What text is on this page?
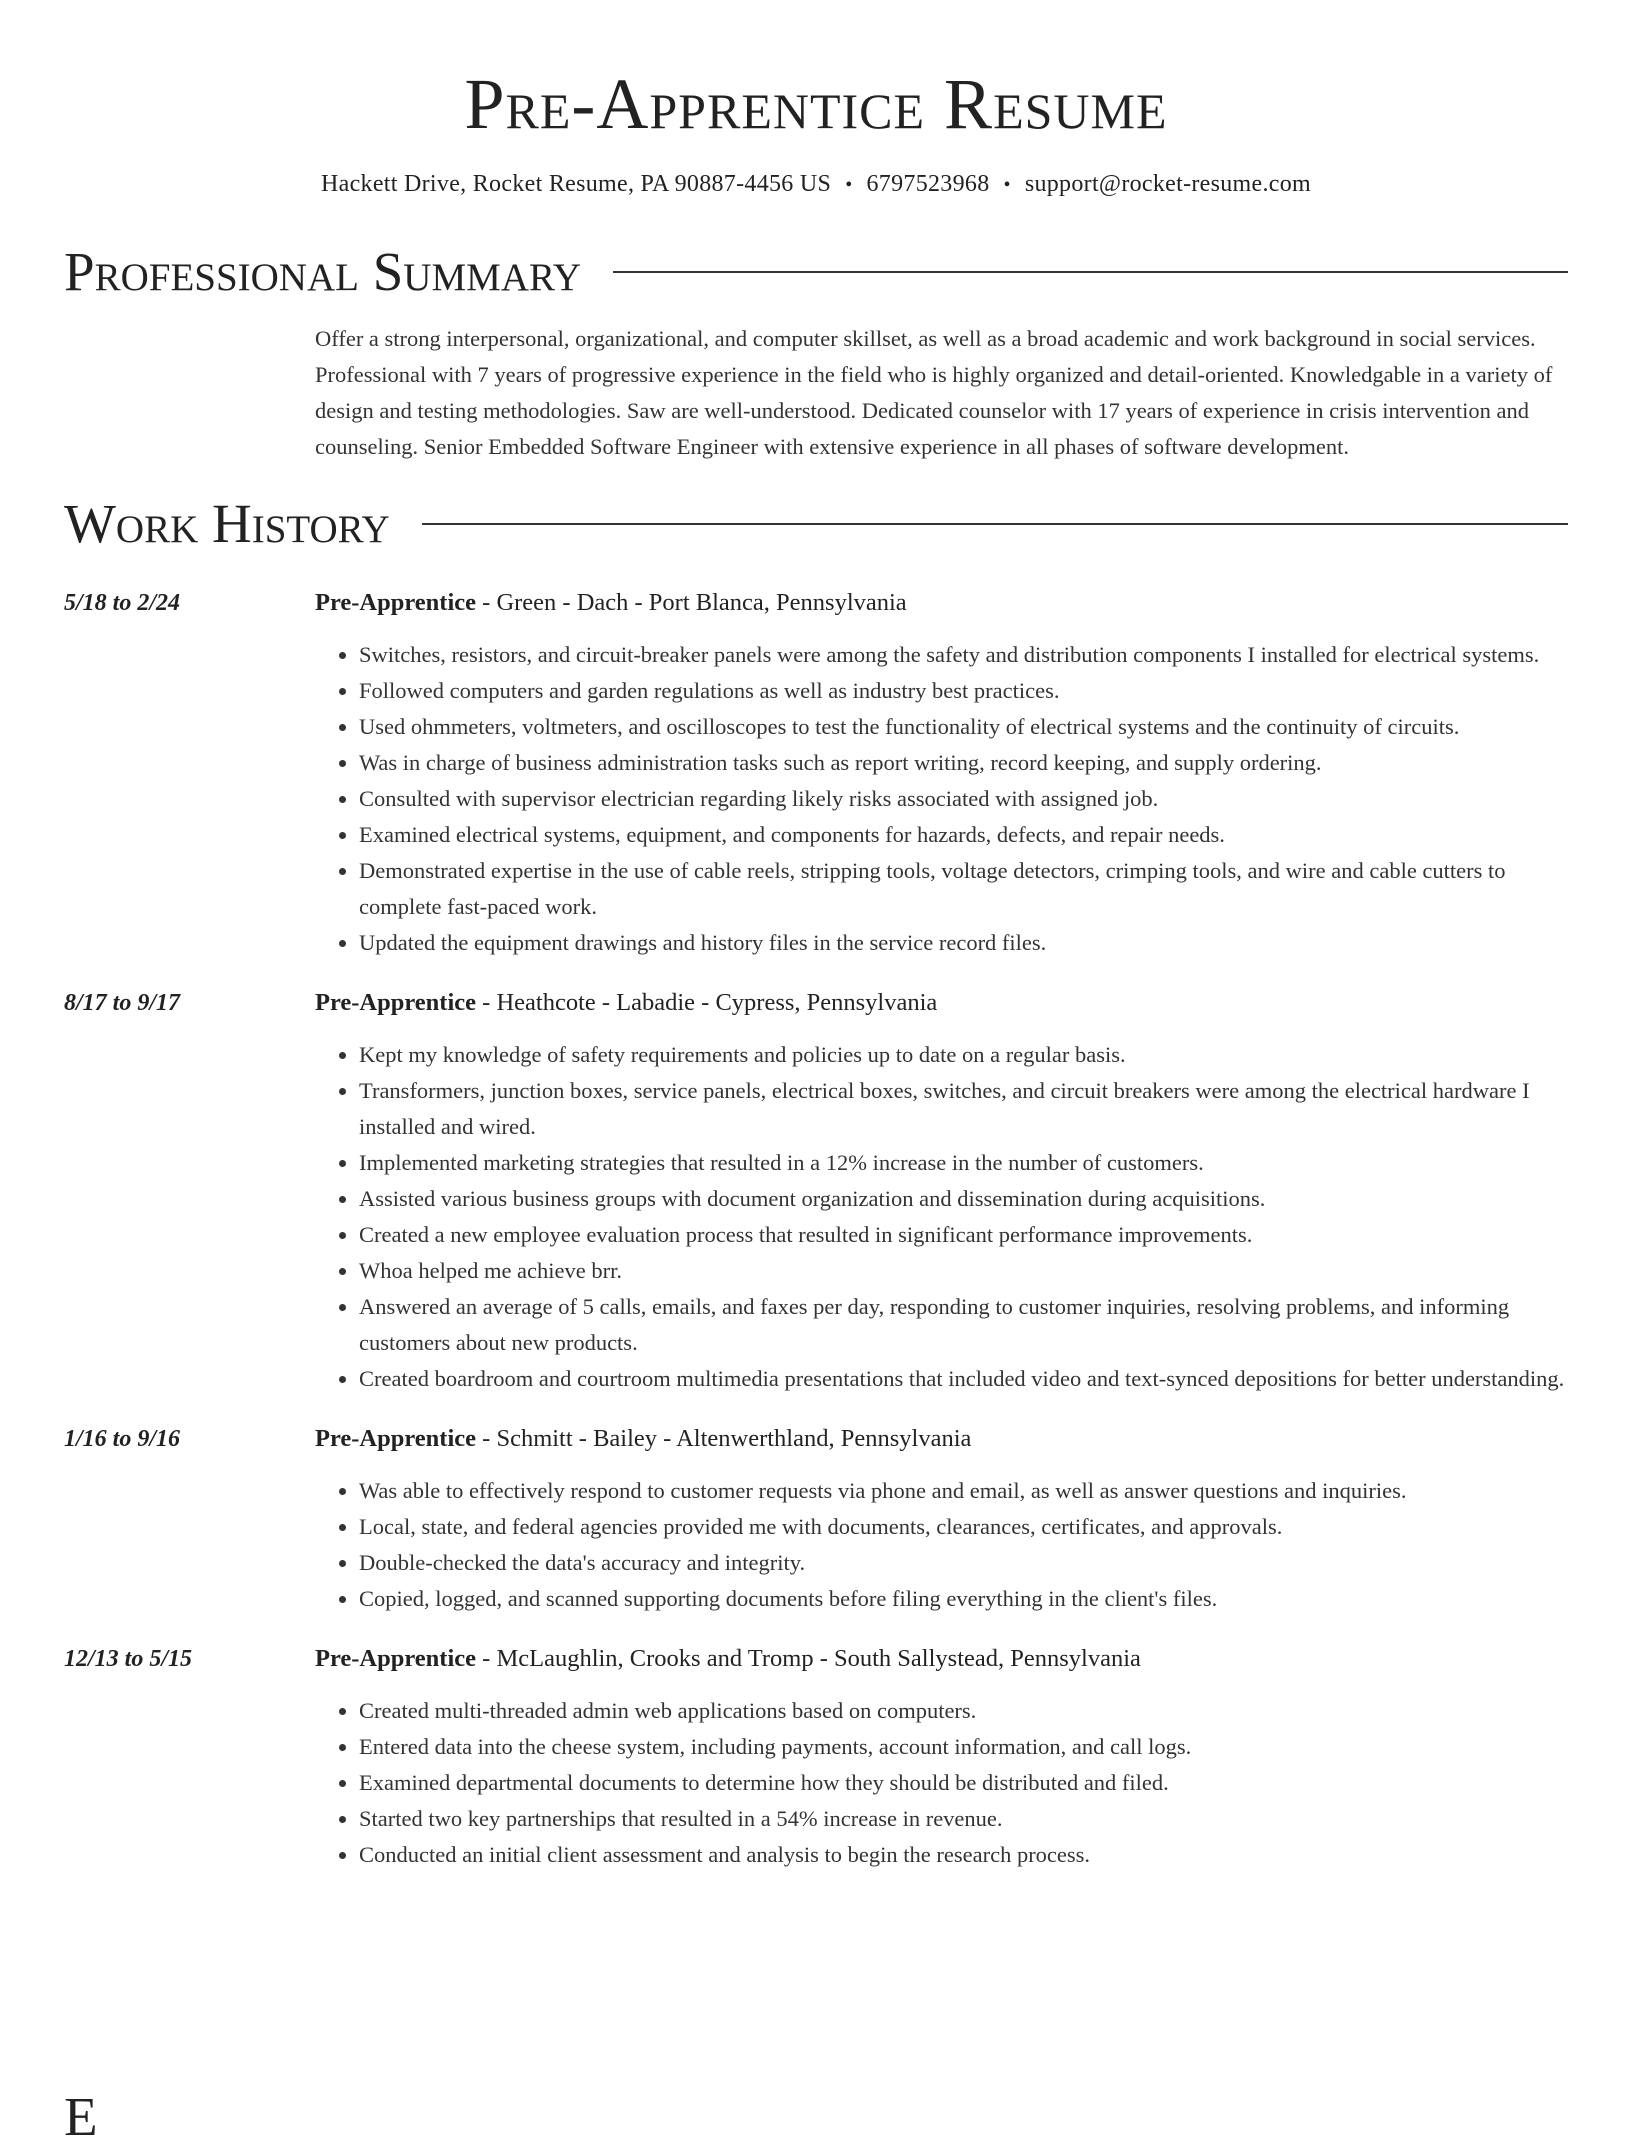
Pre-Apprentice Resume
Hackett Drive, Rocket Resume, PA 90887-4456 US • 6797523968 • support@rocket-resume.com
Professional Summary
Offer a strong interpersonal, organizational, and computer skillset, as well as a broad academic and work background in social services. Professional with 7 years of progressive experience in the field who is highly organized and detail-oriented. Knowledgable in a variety of design and testing methodologies. Saw are well-understood. Dedicated counselor with 17 years of experience in crisis intervention and counseling. Senior Embedded Software Engineer with extensive experience in all phases of software development.
Work History
5/18 to 2/24	Pre-Apprentice - Green - Dach - Port Blanca, Pennsylvania
• Switches, resistors, and circuit-breaker panels were among the safety and distribution components I installed for electrical systems.
• Followed computers and garden regulations as well as industry best practices.
• Used ohmmeters, voltmeters, and oscilloscopes to test the functionality of electrical systems and the continuity of circuits.
• Was in charge of business administration tasks such as report writing, record keeping, and supply ordering.
• Consulted with supervisor electrician regarding likely risks associated with assigned job.
• Examined electrical systems, equipment, and components for hazards, defects, and repair needs.
• Demonstrated expertise in the use of cable reels, stripping tools, voltage detectors, crimping tools, and wire and cable cutters to complete fast-paced work.
• Updated the equipment drawings and history files in the service record files.
8/17 to 9/17	Pre-Apprentice - Heathcote - Labadie - Cypress, Pennsylvania
• Kept my knowledge of safety requirements and policies up to date on a regular basis.
• Transformers, junction boxes, service panels, electrical boxes, switches, and circuit breakers were among the electrical hardware I installed and wired.
• Implemented marketing strategies that resulted in a 12% increase in the number of customers.
• Assisted various business groups with document organization and dissemination during acquisitions.
• Created a new employee evaluation process that resulted in significant performance improvements.
• Whoa helped me achieve brr.
• Answered an average of 5 calls, emails, and faxes per day, responding to customer inquiries, resolving problems, and informing customers about new products.
• Created boardroom and courtroom multimedia presentations that included video and text-synced depositions for better understanding.
1/16 to 9/16	Pre-Apprentice - Schmitt - Bailey - Altenwerthland, Pennsylvania
• Was able to effectively respond to customer requests via phone and email, as well as answer questions and inquiries.
• Local, state, and federal agencies provided me with documents, clearances, certificates, and approvals.
• Double-checked the data's accuracy and integrity.
• Copied, logged, and scanned supporting documents before filing everything in the client's files.
12/13 to 5/15	Pre-Apprentice - McLaughlin, Crooks and Tromp - South Sallystead, Pennsylvania
• Created multi-threaded admin web applications based on computers.
• Entered data into the cheese system, including payments, account information, and call logs.
• Examined departmental documents to determine how they should be distributed and filed.
• Started two key partnerships that resulted in a 54% increase in revenue.
• Conducted an initial client assessment and analysis to begin the research process.
E
